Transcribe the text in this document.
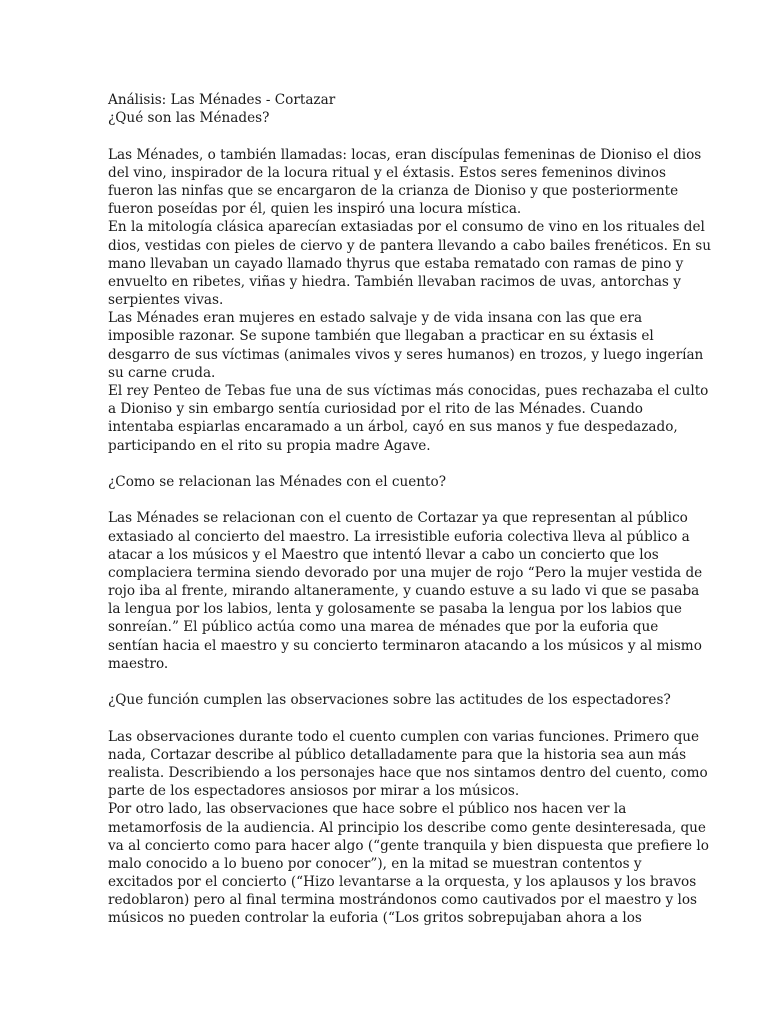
Análisis: Las Ménades - Cortazar
¿Qué son las Ménades?
Las Ménades, o también llamadas: locas, eran discípulas femeninas de Dioniso el dios
del vino, inspirador de la locura ritual y el éxtasis. Estos seres femeninos divinos
fueron las ninfas que se encargaron de la crianza de Dioniso y que posteriormente
fueron poseídas por él, quien les inspiró una locura mística.
En la mitología clásica aparecían extasiadas por el consumo de vino en los rituales del
dios, vestidas con pieles de ciervo y de pantera llevando a cabo bailes frenéticos. En su
mano llevaban un cayado llamado thyrus que estaba rematado con ramas de pino y
envuelto en ribetes, viñas y hiedra. También llevaban racimos de uvas, antorchas y
serpientes vivas.
Las Ménades eran mujeres en estado salvaje y de vida insana con las que era
imposible razonar. Se supone también que llegaban a practicar en su éxtasis el
desgarro de sus víctimas (animales vivos y seres humanos) en trozos, y luego ingerían
su carne cruda.
El rey Penteo de Tebas fue una de sus víctimas más conocidas, pues rechazaba el culto
a Dioniso y sin embargo sentía curiosidad por el rito de las Ménades. Cuando
intentaba espiarlas encaramado a un árbol, cayó en sus manos y fue despedazado,
participando en el rito su propia madre Agave.
¿Como se relacionan las Ménades con el cuento?
Las Ménades se relacionan con el cuento de Cortazar ya que representan al público
extasiado al concierto del maestro. La irresistible euforia colectiva lleva al público a
atacar a los músicos y el Maestro que intentó llevar a cabo un concierto que los
complaciera termina siendo devorado por una mujer de rojo “Pero la mujer vestida de
rojo iba al frente, mirando altaneramente, y cuando estuve a su lado vi que se pasaba
la lengua por los labios, lenta y golosamente se pasaba la lengua por los labios que
sonreían.” El público actúa como una marea de ménades que por la euforia que
sentían hacia el maestro y su concierto terminaron atacando a los músicos y al mismo
maestro.
¿Que función cumplen las observaciones sobre las actitudes de los espectadores?
Las observaciones durante todo el cuento cumplen con varias funciones. Primero que
nada, Cortazar describe al público detalladamente para que la historia sea aun más
realista. Describiendo a los personajes hace que nos sintamos dentro del cuento, como
parte de los espectadores ansiosos por mirar a los músicos.
Por otro lado, las observaciones que hace sobre el público nos hacen ver la
metamorfosis de la audiencia. Al principio los describe como gente desinteresada, que
va al concierto como para hacer algo (“gente tranquila y bien dispuesta que prefiere lo
malo conocido a lo bueno por conocer”), en la mitad se muestran contentos y
excitados por el concierto (“Hizo levantarse a la orquesta, y los aplausos y los bravos
redoblaron) pero al final termina mostrándonos como cautivados por el maestro y los
músicos no pueden controlar la euforia (“Los gritos sobrepujaban ahora a los
